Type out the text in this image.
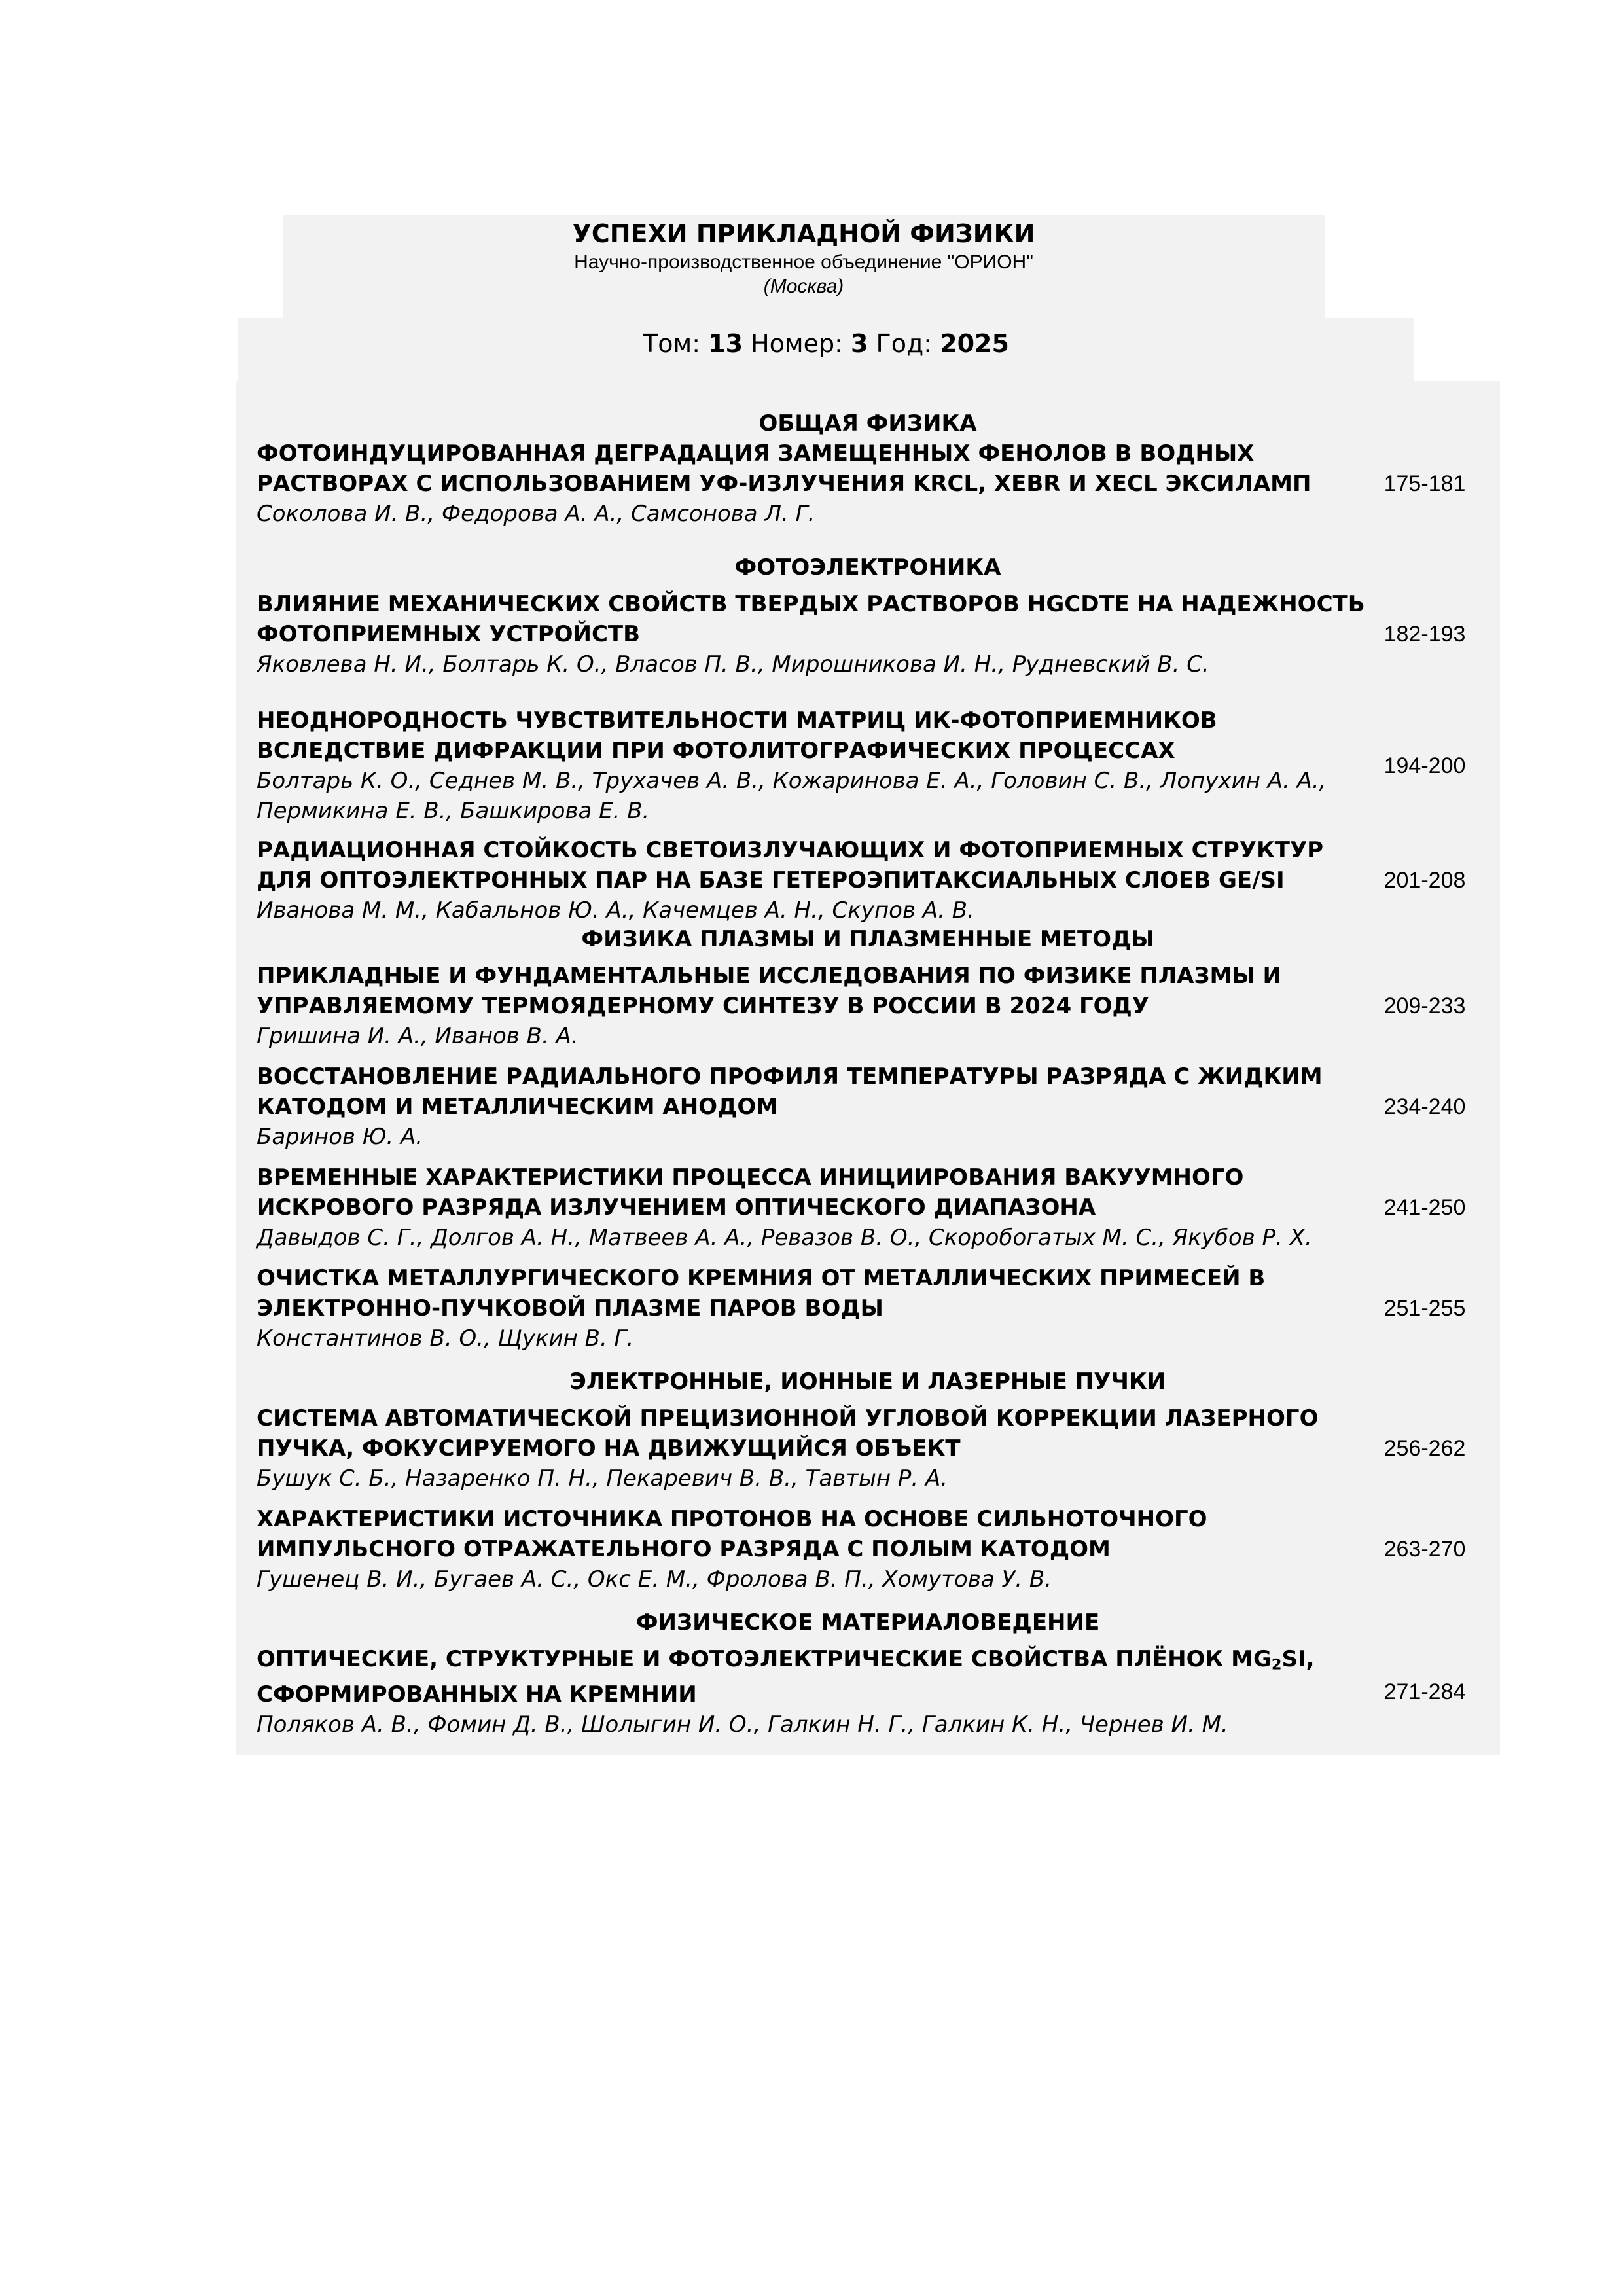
УСПЕХИ ПРИКЛАДНОЙ ФИЗИКИ
Научно-производственное объединение "ОРИОН"
(Москва)
Том: 13 Номер: 3 Год: 2025
ОБЩАЯ ФИЗИКА
ФОТОИНДУЦИРОВАННАЯ ДЕГРАДАЦИЯ ЗАМЕЩЕННЫХ ФЕНОЛОВ В ВОДНЫХ РАСТВОРАХ С ИСПОЛЬЗОВАНИЕМ УФ-ИЗЛУЧЕНИЯ KRCL, XEBR И XECL ЭКСИЛАМП
Соколова И. В., Федорова А. А., Самсонова Л. Г.
175-181
ФОТОЭЛЕКТРОНИКА
ВЛИЯНИЕ МЕХАНИЧЕСКИХ СВОЙСТВ ТВЕРДЫХ РАСТВОРОВ HGCDTE НА НАДЕЖНОСТЬ ФОТОПРИЕМНЫХ УСТРОЙСТВ
Яковлева Н. И., Болтарь К. О., Власов П. В., Мирошникова И. Н., Рудневский В. С.
182-193
НЕОДНОРОДНОСТЬ ЧУВСТВИТЕЛЬНОСТИ МАТРИЦ ИК-ФОТОПРИЕМНИКОВ ВСЛЕДСТВИЕ ДИФРАКЦИИ ПРИ ФОТОЛИТОГРАФИЧЕСКИХ ПРОЦЕССАХ
Болтарь К. О., Седнев М. В., Трухачев А. В., Кожаринова Е. А., Головин С. В., Лопухин А. А., Пермикина Е. В., Башкирова Е. В.
194-200
РАДИАЦИОННАЯ СТОЙКОСТЬ СВЕТОИЗЛУЧАЮЩИХ И ФОТОПРИЕМНЫХ СТРУКТУР ДЛЯ ОПТОЭЛЕКТРОННЫХ ПАР НА БАЗЕ ГЕТЕРОЭПИТАКСИАЛЬНЫХ СЛОЕВ GE/SI
Иванова М. М., Кабальнов Ю. А., Качемцев А. Н., Скупов А. В.
201-208
ФИЗИКА ПЛАЗМЫ И ПЛАЗМЕННЫЕ МЕТОДЫ
ПРИКЛАДНЫЕ И ФУНДАМЕНТАЛЬНЫЕ ИССЛЕДОВАНИЯ ПО ФИЗИКЕ ПЛАЗМЫ И УПРАВЛЯЕМОМУ ТЕРМОЯДЕРНОМУ СИНТЕЗУ В РОССИИ В 2024 ГОДУ
Гришина И. А., Иванов В. А.
209-233
ВОССТАНОВЛЕНИЕ РАДИАЛЬНОГО ПРОФИЛЯ ТЕМПЕРАТУРЫ РАЗРЯДА С ЖИДКИМ КАТОДОМ И МЕТАЛЛИЧЕСКИМ АНОДОМ
Баринов Ю. А.
234-240
ВРЕМЕННЫЕ ХАРАКТЕРИСТИКИ ПРОЦЕССА ИНИЦИИРОВАНИЯ ВАКУУМНОГО ИСКРОВОГО РАЗРЯДА ИЗЛУЧЕНИЕМ ОПТИЧЕСКОГО ДИАПАЗОНА
Давыдов С. Г., Долгов А. Н., Матвеев А. А., Ревазов В. О., Скоробогатых М. С., Якубов Р. Х.
241-250
ОЧИСТКА МЕТАЛЛУРГИЧЕСКОГО КРЕМНИЯ ОТ МЕТАЛЛИЧЕСКИХ ПРИМЕСЕЙ В ЭЛЕКТРОННО-ПУЧКОВОЙ ПЛАЗМЕ ПАРОВ ВОДЫ
Константинов В. О., Щукин В. Г.
251-255
ЭЛЕКТРОННЫЕ, ИОННЫЕ И ЛАЗЕРНЫЕ ПУЧКИ
СИСТЕМА АВТОМАТИЧЕСКОЙ ПРЕЦИЗИОННОЙ УГЛОВОЙ КОРРЕКЦИИ ЛАЗЕРНОГО ПУЧКА, ФОКУСИРУЕМОГО НА ДВИЖУЩИЙСЯ ОБЪЕКТ
Бушук С. Б., Назаренко П. Н., Пекаревич В. В., Тавтын Р. А.
256-262
ХАРАКТЕРИСТИКИ ИСТОЧНИКА ПРОТОНОВ НА ОСНОВЕ СИЛЬНОТОЧНОГО ИМПУЛЬСНОГО ОТРАЖАТЕЛЬНОГО РАЗРЯДА С ПОЛЫМ КАТОДОМ
Гушенец В. И., Бугаев А. С., Окс Е. М., Фролова В. П., Хомутова У. В.
263-270
ФИЗИЧЕСКОЕ МАТЕРИАЛОВЕДЕНИЕ
ОПТИЧЕСКИЕ, СТРУКТУРНЫЕ И ФОТОЭЛЕКТРИЧЕСКИЕ СВОЙСТВА ПЛЁНОК $MG_2SI$, СФОРМИРОВАННЫХ НА КРЕМНИИ
Поляков А. В., Фомин Д. В., Шолыгин И. О., Галкин Н. Г., Галкин К. Н., Чернев И. М.
271-284
